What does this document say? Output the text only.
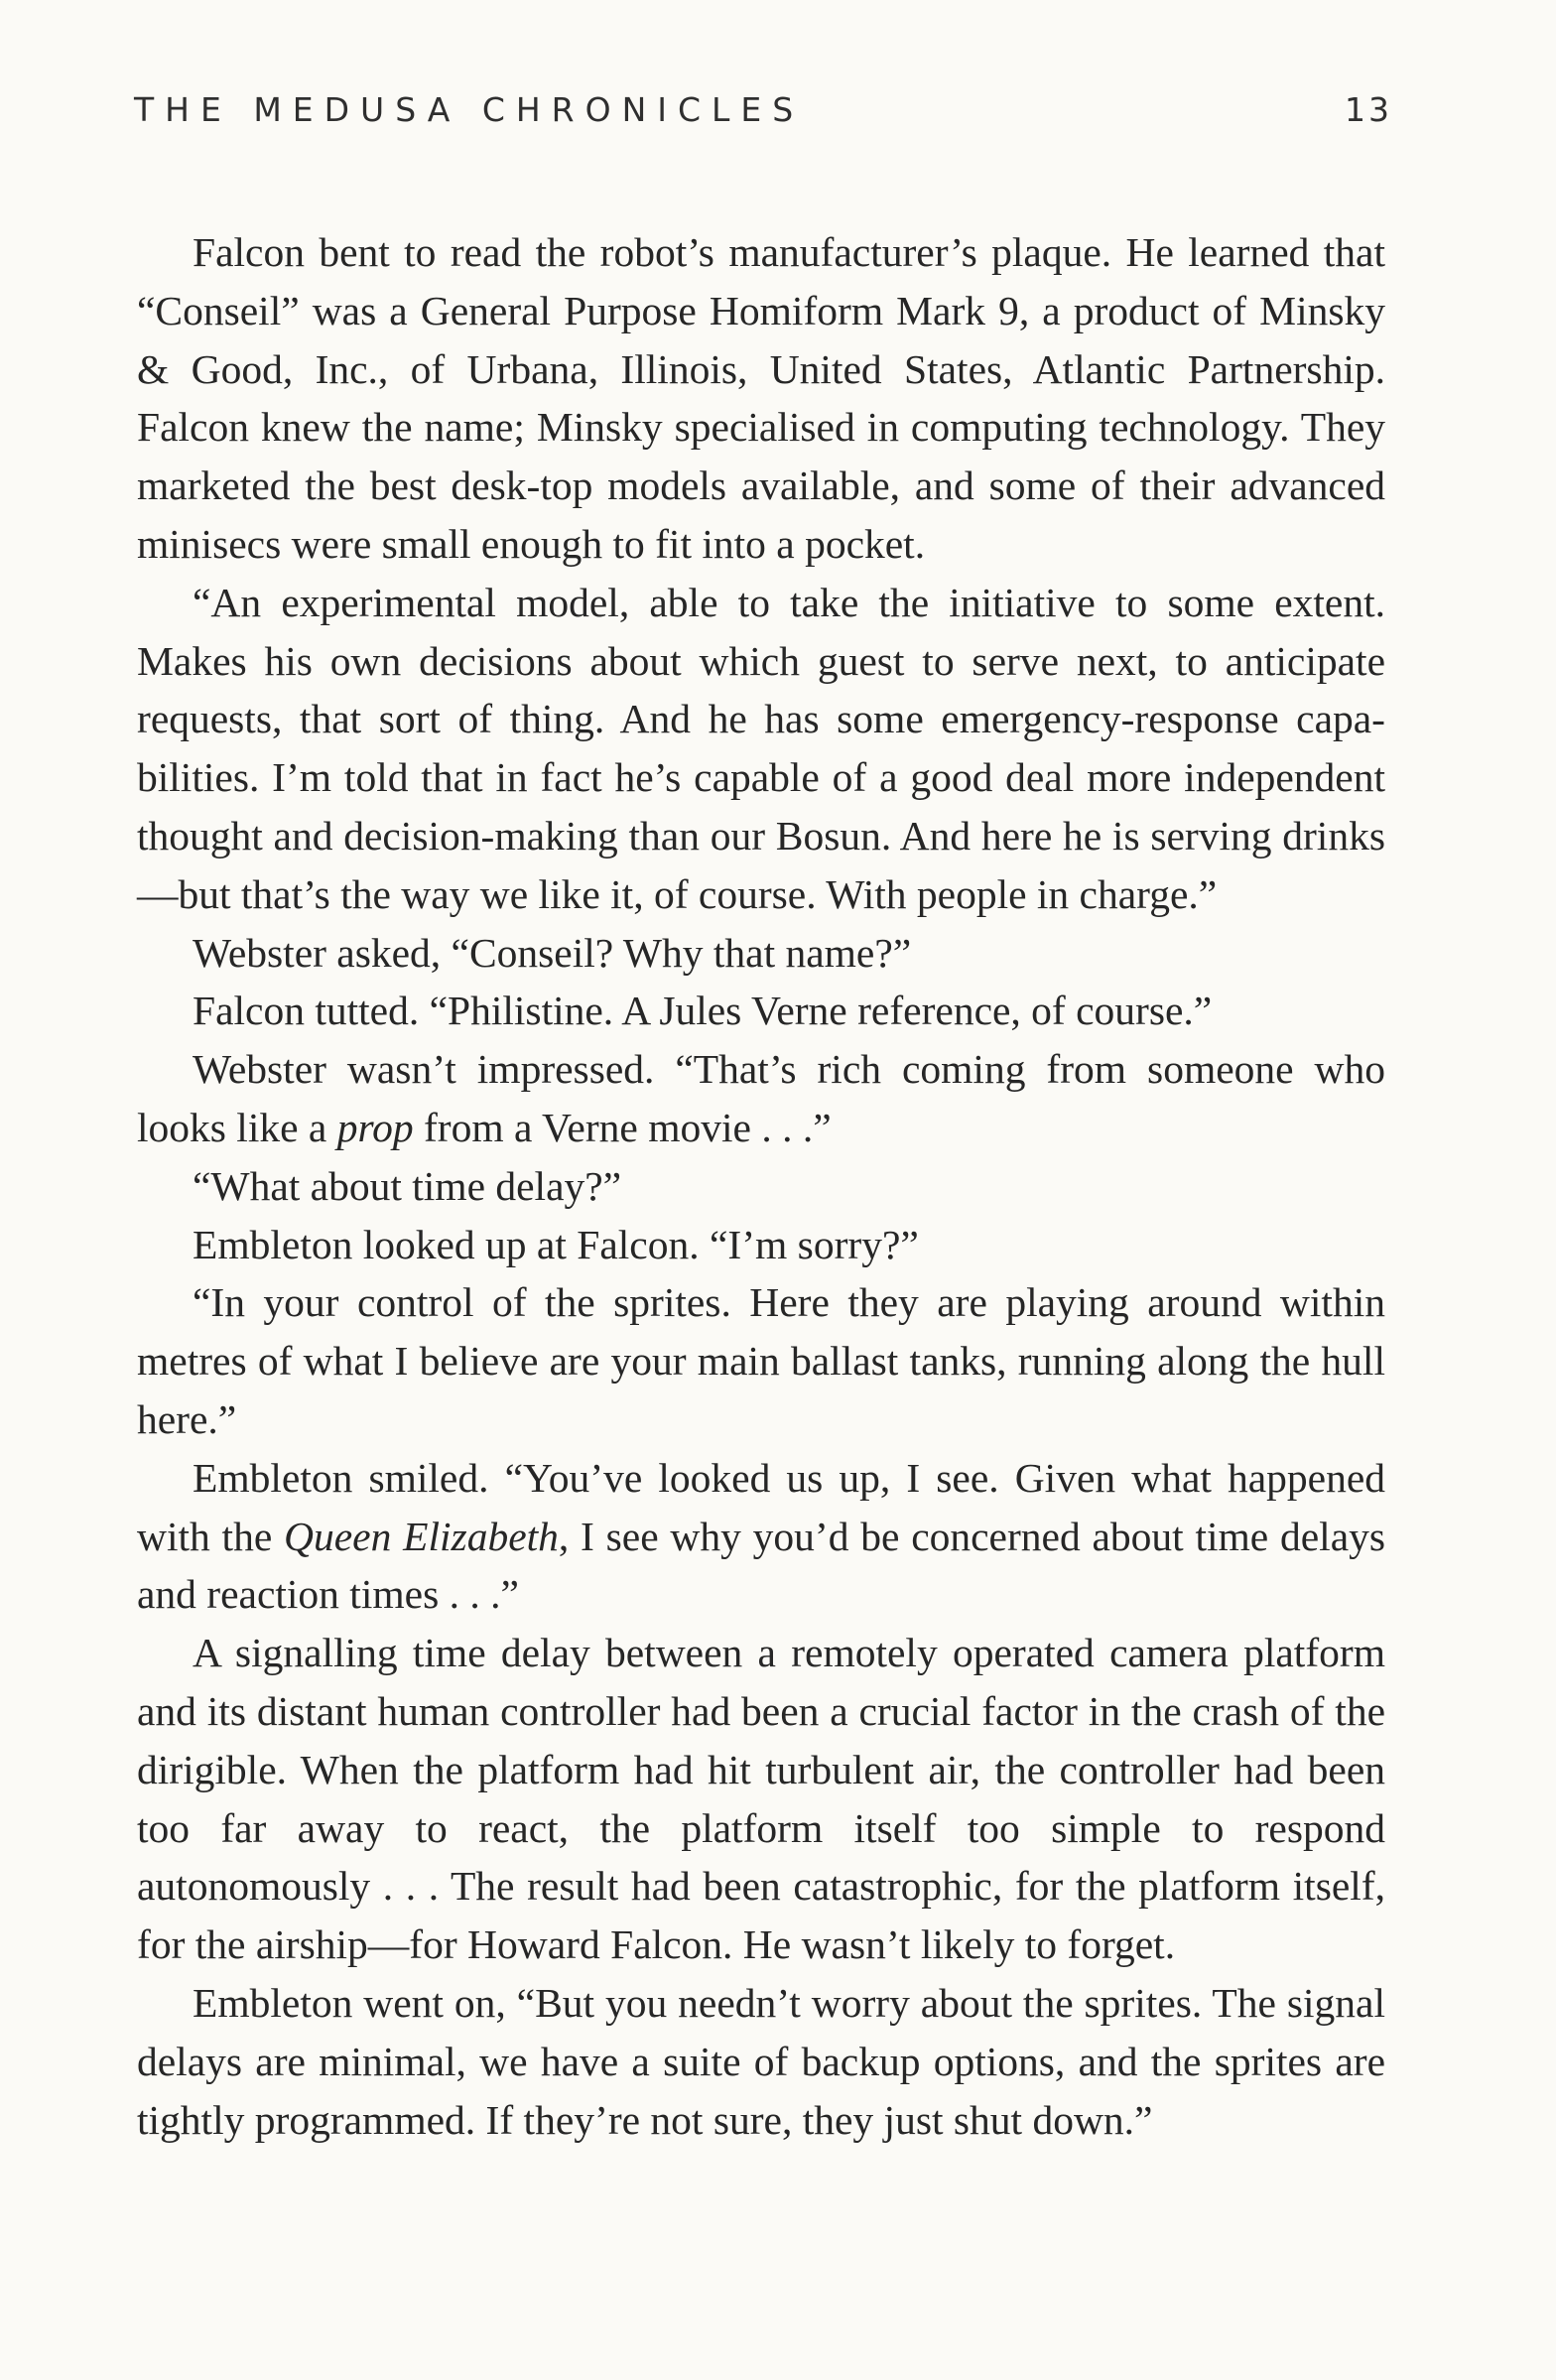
THE MEDUSA CHRONICLES	13

Falcon bent to read the robot’s manufacturer’s plaque. He learned that “Conseil” was a General Purpose Homiform Mark 9, a product of Minsky & Good, Inc., of Urbana, Illinois, United States, Atlantic Partnership. Falcon knew the name; Minsky specialised in computing technology. They marketed the best desk-top models available, and some of their advanced minisecs were small enough to fit into a pocket.

“An experimental model, able to take the initiative to some extent. Makes his own decisions about which guest to serve next, to anticipate requests, that sort of thing. And he has some emergency-response capabilities. I’m told that in fact he’s capable of a good deal more independent thought and decision-making than our Bosun. And here he is serving drinks—but that’s the way we like it, of course. With people in charge.”

Webster asked, “Conseil? Why that name?”

Falcon tutted. “Philistine. A Jules Verne reference, of course.”

Webster wasn’t impressed. “That’s rich coming from someone who looks like a prop from a Verne movie . . .”

“What about time delay?”

Embleton looked up at Falcon. “I’m sorry?”

“In your control of the sprites. Here they are playing around within metres of what I believe are your main ballast tanks, running along the hull here.”

Embleton smiled. “You’ve looked us up, I see. Given what happened with the Queen Elizabeth, I see why you’d be concerned about time delays and reaction times . . .”

A signalling time delay between a remotely operated camera platform and its distant human controller had been a crucial factor in the crash of the dirigible. When the platform had hit turbulent air, the controller had been too far away to react, the platform itself too simple to respond autonomously . . . The result had been catastrophic, for the platform itself, for the airship—for Howard Falcon. He wasn’t likely to forget.

Embleton went on, “But you needn’t worry about the sprites. The signal delays are minimal, we have a suite of backup options, and the sprites are tightly programmed. If they’re not sure, they just shut down.”
